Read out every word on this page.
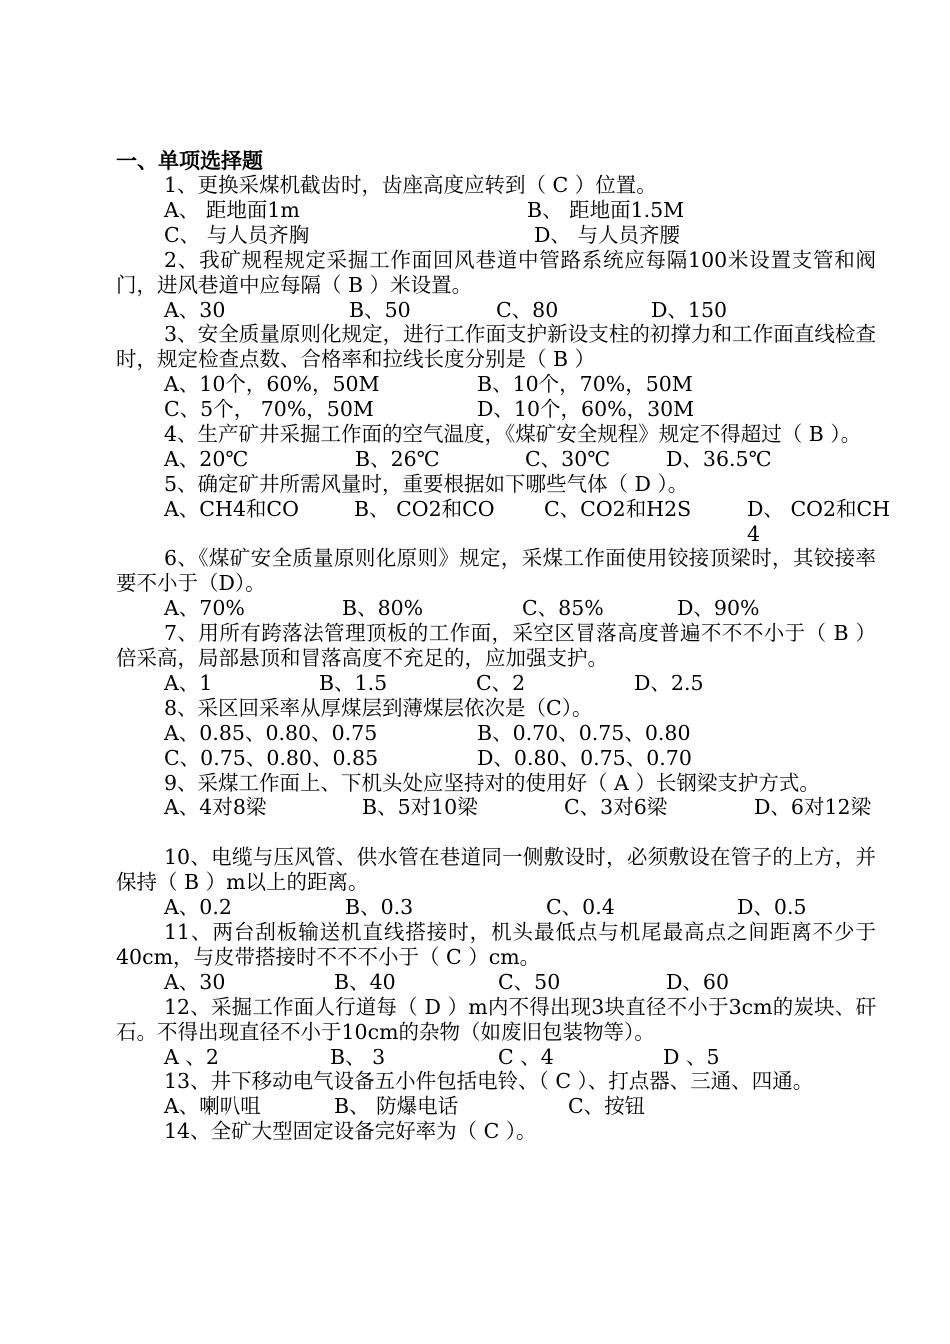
一、单项选择题
1、更换采煤机截齿时，齿座高度应转到（ C ）位置。
A、 距地面1m	B、 距地面1.5M
C、 与人员齐胸	D、 与人员齐腰
2、我矿规程规定采掘工作面回风巷道中管路系统应每隔100米设置支管和阀门，进风巷道中应每隔（ B ）米设置。
A、30	B、50	C、80	D、150
3、安全质量原则化规定，进行工作面支护新设支柱的初撑力和工作面直线检查时，规定检查点数、合格率和拉线长度分别是（ B ）
A、10个，60%，50M	B、10个，70%，50M
C、5个， 70%，50M	D、10个，60%，30M
4、生产矿井采掘工作面的空气温度，《煤矿安全规程》规定不得超过（ B ）。
A、20℃	B、26℃	C、30℃	D、36.5℃
5、确定矿井所需风量时，重要根据如下哪些气体（ D ）。
A、CH4和CO	B、 CO2和CO C、CO2和H2S	D、 CO2和CH4
6、《煤矿安全质量原则化原则》规定，采煤工作面使用铰接顶梁时，其铰接率要不小于（D）。
A、70%	B、80%	C、85%	D、90%
7、用所有跨落法管理顶板的工作面，采空区冒落高度普遍不不不小于（ B ）倍采高，局部悬顶和冒落高度不充足的，应加强支护。
A、1	B、1.5	C、2	D、2.5
8、采区回采率从厚煤层到薄煤层依次是（C）。
A、0.85、0.80、0.75	B、0.70、0.75、0.80
C、0.75、0.80、0.85	D、0.80、0.75、0.70
9、采煤工作面上、下机头处应坚持对的使用好（ A ）长钢梁支护方式。
A、4对8梁	B、5对10梁	C、3对6梁	D、6对12梁
10、电缆与压风管、供水管在巷道同一侧敷设时，必须敷设在管子的上方，并保持（ B ）m以上的距离。
A、0.2	B、0.3	C、0.4	D、0.5
11、两台刮板输送机直线搭接时，机头最低点与机尾最高点之间距离不少于40cm，与皮带搭接时不不不小于（ C ）cm。
A、30	B、40	C、50	D、60
12、采掘工作面人行道每（ D ）m内不得出现3块直径不小于3cm的炭块、矸石。不得出现直径不小于10cm的杂物（如废旧包装物等）。
A 、2	B、 3	C 、4	D 、5
13、井下移动电气设备五小件包括电铃、（ C ）、打点器、三通、四通。
A、喇叭咀	B、 防爆电话	C、按钮
14、全矿大型固定设备完好率为（ C ）。
